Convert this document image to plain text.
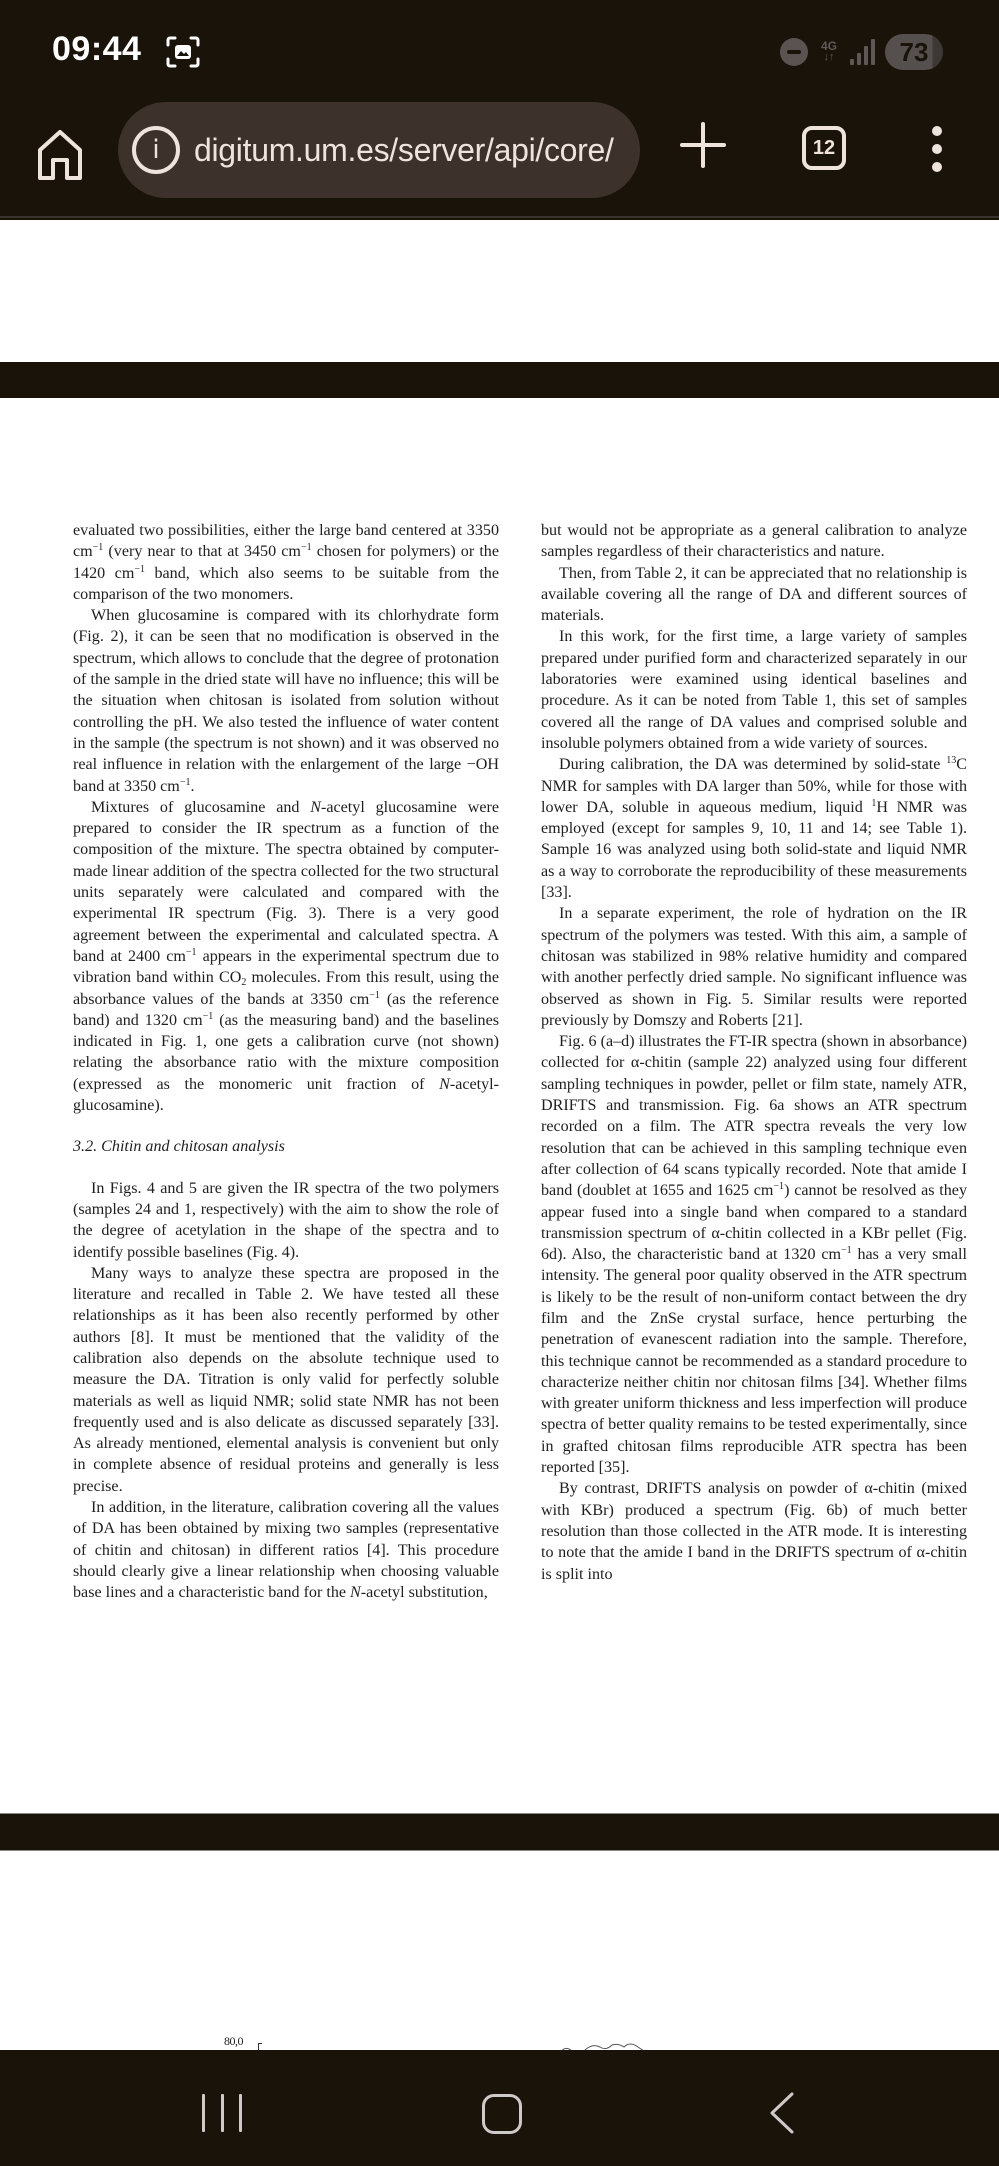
09:44	4G
↓↑	73
i	digitum.um.es/server/api/core/	12

evaluated two possibilities, either the large band centered at 3350 $cm^{-1}$ (very near to that at 3450 $cm^{-1}$ chosen for polymers) or the 1420 $cm^{-1}$ band, which also seems to be suitable from the comparison of the two monomers.

When glucosamine is compared with its chlorhydrate form (Fig. 2), it can be seen that no modification is observed in the spectrum, which allows to conclude that the degree of protonation of the sample in the dried state will have no influence; this will be the situation when chitosan is isolated from solution without controlling the pH. We also tested the influence of water content in the sample (the spectrum is not shown) and it was observed no real influence in relation with the enlargement of the large −OH band at 3350 $cm^{-1}$.

Mixtures of glucosamine and N-acetyl glucosamine were prepared to consider the IR spectrum as a function of the composition of the mixture. The spectra obtained by computer-made linear addition of the spectra collected for the two structural units separately were calculated and compared with the experimental IR spectrum (Fig. 3). There is a very good agreement between the experimental and calculated spectra. A band at 2400 $cm^{-1}$ appears in the experimental spectrum due to vibration band within $CO_2$ molecules. From this result, using the absorbance values of the bands at 3350 $cm^{-1}$ (as the reference band) and 1320 $cm^{-1}$ (as the measuring band) and the baselines indicated in Fig. 1, one gets a calibration curve (not shown) relating the absorbance ratio with the mixture composition (expressed as the monomeric unit fraction of N-acetyl-glucosamine).

3.2. Chitin and chitosan analysis

In Figs. 4 and 5 are given the IR spectra of the two polymers (samples 24 and 1, respectively) with the aim to show the role of the degree of acetylation in the shape of the spectra and to identify possible baselines (Fig. 4).

Many ways to analyze these spectra are proposed in the literature and recalled in Table 2. We have tested all these relationships as it has been also recently performed by other authors [8]. It must be mentioned that the validity of the calibration also depends on the absolute technique used to measure the DA. Titration is only valid for perfectly soluble materials as well as liquid NMR; solid state NMR has not been frequently used and is also delicate as discussed separately [33]. As already mentioned, elemental analysis is convenient but only in complete absence of residual proteins and generally is less precise.

In addition, in the literature, calibration covering all the values of DA has been obtained by mixing two samples (representative of chitin and chitosan) in different ratios [4]. This procedure should clearly give a linear relationship when choosing valuable base lines and a characteristic band for the N-acetyl substitution,

but would not be appropriate as a general calibration to analyze samples regardless of their characteristics and nature.

Then, from Table 2, it can be appreciated that no relationship is available covering all the range of DA and different sources of materials.

In this work, for the first time, a large variety of samples prepared under purified form and characterized separately in our laboratories were examined using identical baselines and procedure. As it can be noted from Table 1, this set of samples covered all the range of DA values and comprised soluble and insoluble polymers obtained from a wide variety of sources.

During calibration, the DA was determined by solid-state $^{13}$C NMR for samples with DA larger than 50%, while for those with lower DA, soluble in aqueous medium, liquid $^1$H NMR was employed (except for samples 9, 10, 11 and 14; see Table 1). Sample 16 was analyzed using both solid-state and liquid NMR as a way to corroborate the reproducibility of these measurements [33].

In a separate experiment, the role of hydration on the IR spectrum of the polymers was tested. With this aim, a sample of chitosan was stabilized in 98% relative humidity and compared with another perfectly dried sample. No significant influence was observed as shown in Fig. 5. Similar results were reported previously by Domszy and Roberts [21].

Fig. 6 (a–d) illustrates the FT-IR spectra (shown in absorbance) collected for α-chitin (sample 22) analyzed using four different sampling techniques in powder, pellet or film state, namely ATR, DRIFTS and transmission. Fig. 6a shows an ATR spectrum recorded on a film. The ATR spectra reveals the very low resolution that can be achieved in this sampling technique even after collection of 64 scans typically recorded. Note that amide I band (doublet at 1655 and 1625 $cm^{-1}$) cannot be resolved as they appear fused into a single band when compared to a standard transmission spectrum of α-chitin collected in a KBr pellet (Fig. 6d). Also, the characteristic band at 1320 $cm^{-1}$ has a very small intensity. The general poor quality observed in the ATR spectrum is likely to be the result of non-uniform contact between the dry film and the ZnSe crystal surface, hence perturbing the penetration of evanescent radiation into the sample. Therefore, this technique cannot be recommended as a standard procedure to characterize neither chitin nor chitosan films [34]. Whether films with greater uniform thickness and less imperfection will produce spectra of better quality remains to be tested experimentally, since in grafted chitosan films reproducible ATR spectra has been reported [35].

By contrast, DRIFTS analysis on powder of α-chitin (mixed with KBr) produced a spectrum (Fig. 6b) of much better resolution than those collected in the ATR mode. It is interesting to note that the amide I band in the DRIFTS spectrum of α-chitin is split into

80,0
